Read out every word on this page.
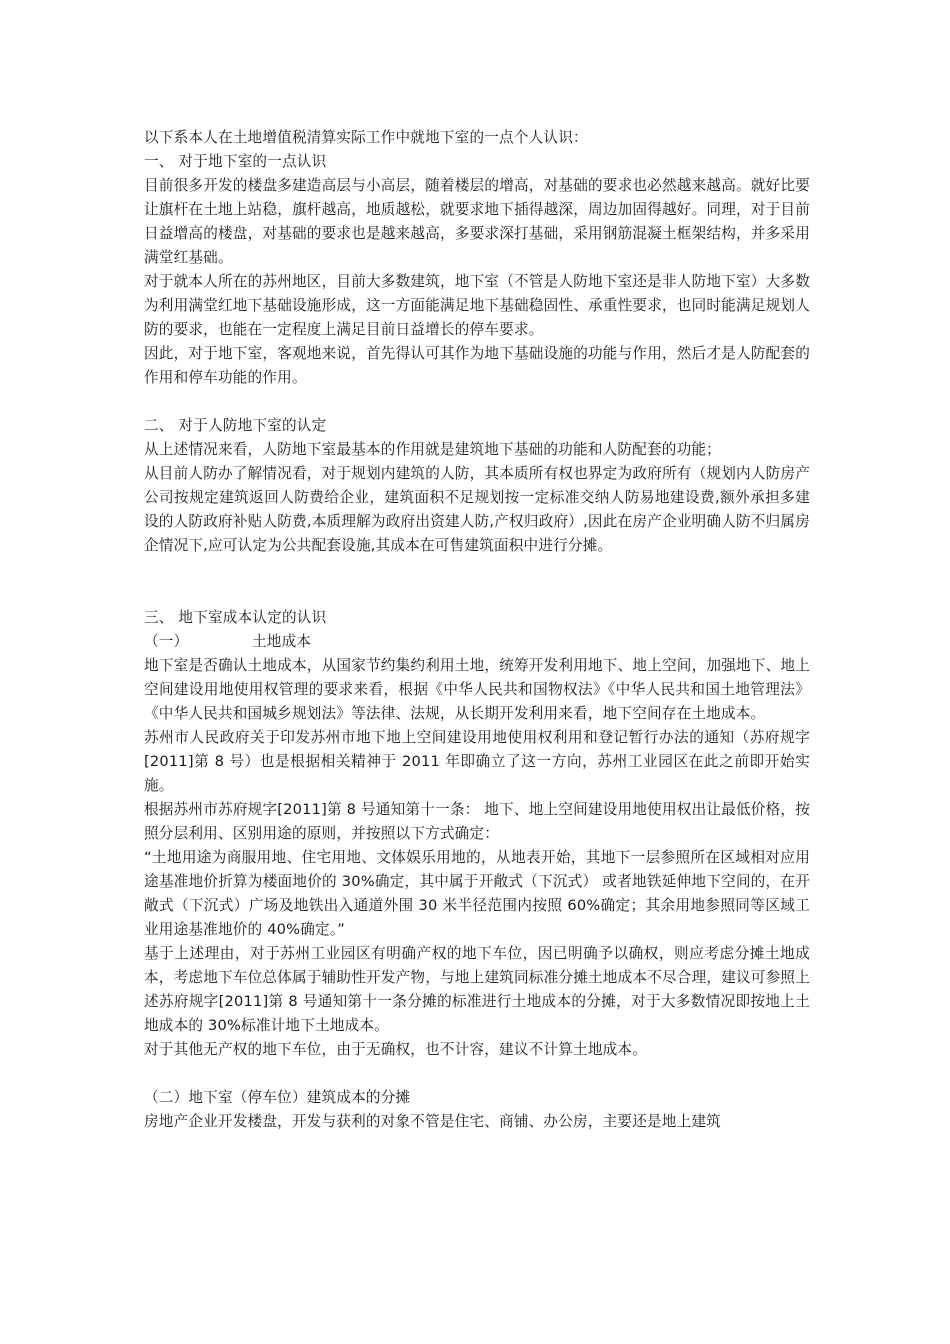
以下系本人在土地增值税清算实际工作中就地下室的一点个人认识：

一、 对于地下室的一点认识

目前很多开发的楼盘多建造高层与小高层，随着楼层的增高，对基础的要求也必然越来越高。就好比要让旗杆在土地上站稳，旗杆越高，地质越松，就要求地下插得越深，周边加固得越好。同理，对于目前日益增高的楼盘，对基础的要求也是越来越高，多要求深打基础，采用钢筋混凝土框架结构，并多采用满堂红基础。

对于就本人所在的苏州地区，目前大多数建筑，地下室（不管是人防地下室还是非人防地下室）大多数为利用满堂红地下基础设施形成，这一方面能满足地下基础稳固性、承重性要求，也同时能满足规划人防的要求，也能在一定程度上满足目前日益增长的停车要求。

因此，对于地下室，客观地来说，首先得认可其作为地下基础设施的功能与作用，然后才是人防配套的作用和停车功能的作用。

二、 对于人防地下室的认定

从上述情况来看，人防地下室最基本的作用就是建筑地下基础的功能和人防配套的功能；

从目前人防办了解情况看，对于规划内建筑的人防，其本质所有权也界定为政府所有（规划内人防房产公司按规定建筑返回人防费给企业，建筑面积不足规划按一定标准交纳人防易地建设费,额外承担多建设的人防政府补贴人防费,本质理解为政府出资建人防,产权归政府）,因此在房产企业明确人防不归属房企情况下,应可认定为公共配套设施,其成本在可售建筑面积中进行分摊。

三、 地下室成本认定的认识

（一）	土地成本

地下室是否确认土地成本，从国家节约集约利用土地，统筹开发利用地下、地上空间，加强地下、地上空间建设用地使用权管理的要求来看，根据《中华人民共和国物权法》《中华人民共和国土地管理法》《中华人民共和国城乡规划法》等法律、法规，从长期开发利用来看，地下空间存在土地成本。

苏州市人民政府关于印发苏州市地下地上空间建设用地使用权利用和登记暂行办法的通知（苏府规字[2011]第 8 号）也是根据相关精神于 2011 年即确立了这一方向，苏州工业园区在此之前即开始实施。

根据苏州市苏府规字[2011]第 8 号通知第十一条： 地下、地上空间建设用地使用权出让最低价格，按照分层利用、区别用途的原则，并按照以下方式确定：

“土地用途为商服用地、住宅用地、文体娱乐用地的，从地表开始，其地下一层参照所在区域相对应用途基准地价折算为楼面地价的 30%确定，其中属于开敞式（下沉式） 或者地铁延伸地下空间的，在开敞式（下沉式）广场及地铁出入通道外围 30 米半径范围内按照 60%确定；其余用地参照同等区域工业用途基准地价的 40%确定。”

基于上述理由，对于苏州工业园区有明确产权的地下车位，因已明确予以确权，则应考虑分摊土地成本，考虑地下车位总体属于辅助性开发产物，与地上建筑同标准分摊土地成本不尽合理，建议可参照上述苏府规字[2011]第 8 号通知第十一条分摊的标准进行土地成本的分摊，对于大多数情况即按地上土地成本的 30%标准计地下土地成本。

对于其他无产权的地下车位，由于无确权，也不计容，建议不计算土地成本。

（二）地下室（停车位）建筑成本的分摊

房地产企业开发楼盘，开发与获利的对象不管是住宅、商铺、办公房，主要还是地上建筑
